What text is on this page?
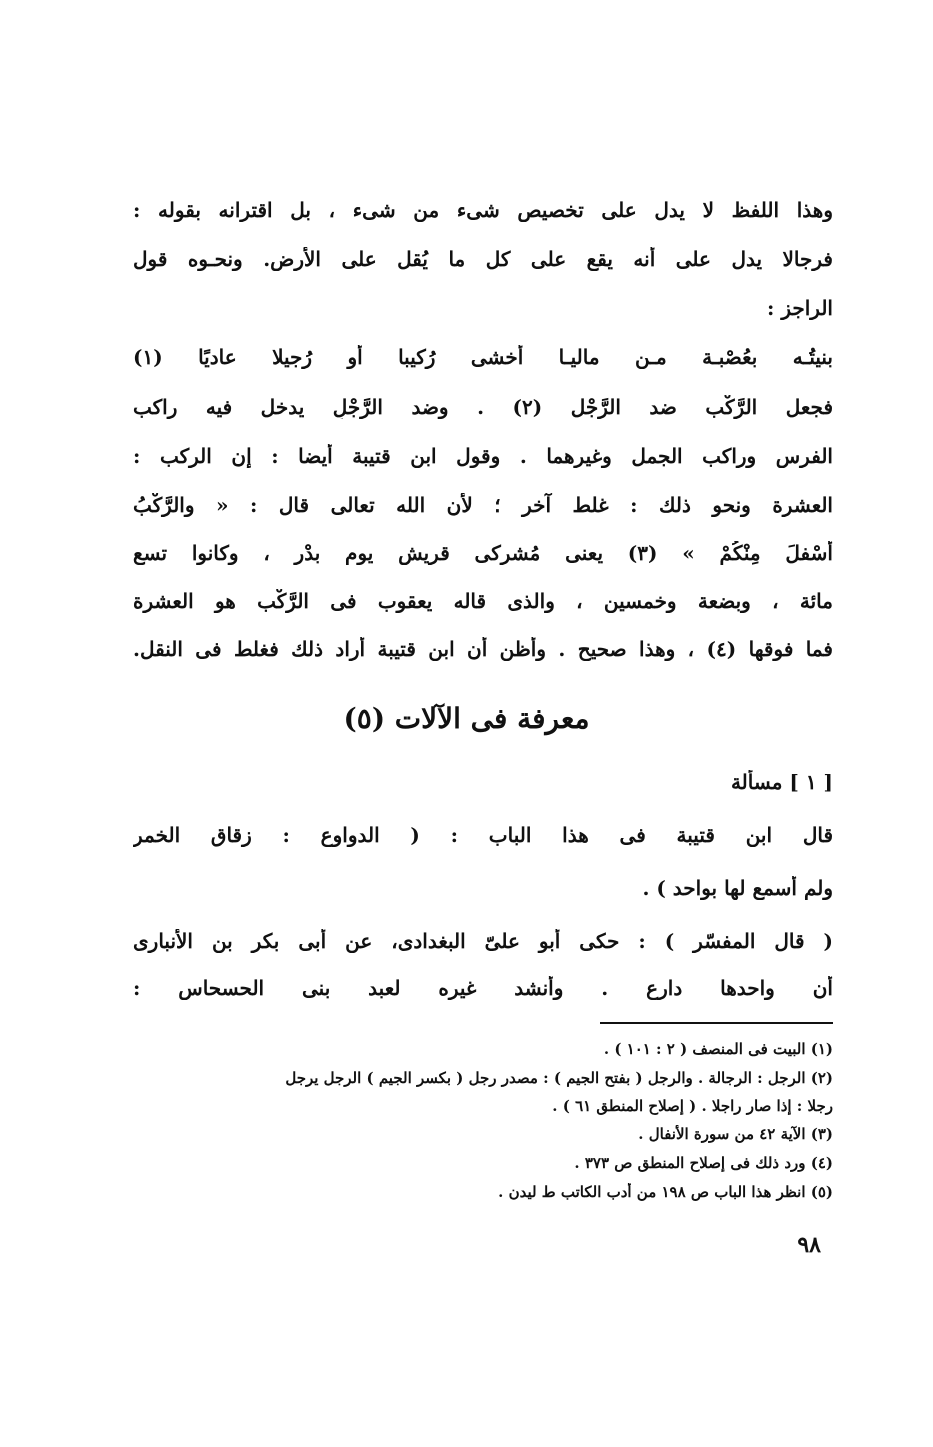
وهذا اللفظ لا يدل على تخصيص شىء من شىء ، بل اقترانه بقوله :
فرجالا يدل على أنه يقع على كل ما يُقل على الأرض. ونحـوه قول
الراجز :
بنيتُـه بعُصْبـة مـن ماليـا أخشى رُكيبا أو رُجيلا عاديًا (١)
فجعل الرَّكْب ضد الرَّجْل (٢) . وضد الرَّجْلِ يدخل فيه راكب
الفرس وراكب الجمل وغيرهما . وقول ابن قتيبة أيضا : إن الركب :
العشرة ونحو ذلك : غلط آخر ؛ لأن الله تعالى قال : « والرَّكْبُ
أسْفلَ مِنْكُمْ » (٣) يعنى مُشركى قريش يوم بدْر ، وكانوا تسع
مائة ، وبضعة وخمسين ، والذى قاله يعقوب فى الرَّكْب هو العشرة
فما فوقها (٤) ، وهذا صحيح . وأظن أن ابن قتيبة أراد ذلك فغلط فى النقل.
معرفة فى الآلات (٥)
[ ١ ] مسألة
قال ابن قتيبة فى هذا الباب : ( الدواوع : زقاق الخمر
ولم أسمع لها بواحد ) .
( قال المفسّر ) : حكى أبو علىّ البغدادى، عن أبى بكر بن الأنبارى
أن واحدها دارع . وأنشد غيره لعبد بنى الحسحاس :
(١) البيت فى المنصف ( ٢ : ١٠١ ) .
(٢) الرجل : الرجالة . والرجل ( بفتح الجيم ) : مصدر رجل ( بكسر الجيم ) الرجل يرجل
رجلا : إذا صار راجلا . ( إصلاح المنطق ٦١ ) .
(٣) الآية ٤٢ من سورة الأنفال .
(٤) ورد ذلك فى إصلاح المنطق ص ٣٧٣ .
(٥) انظر هذا الباب ص ١٩٨ من أدب الكاتب ط ليدن .
٩٨
